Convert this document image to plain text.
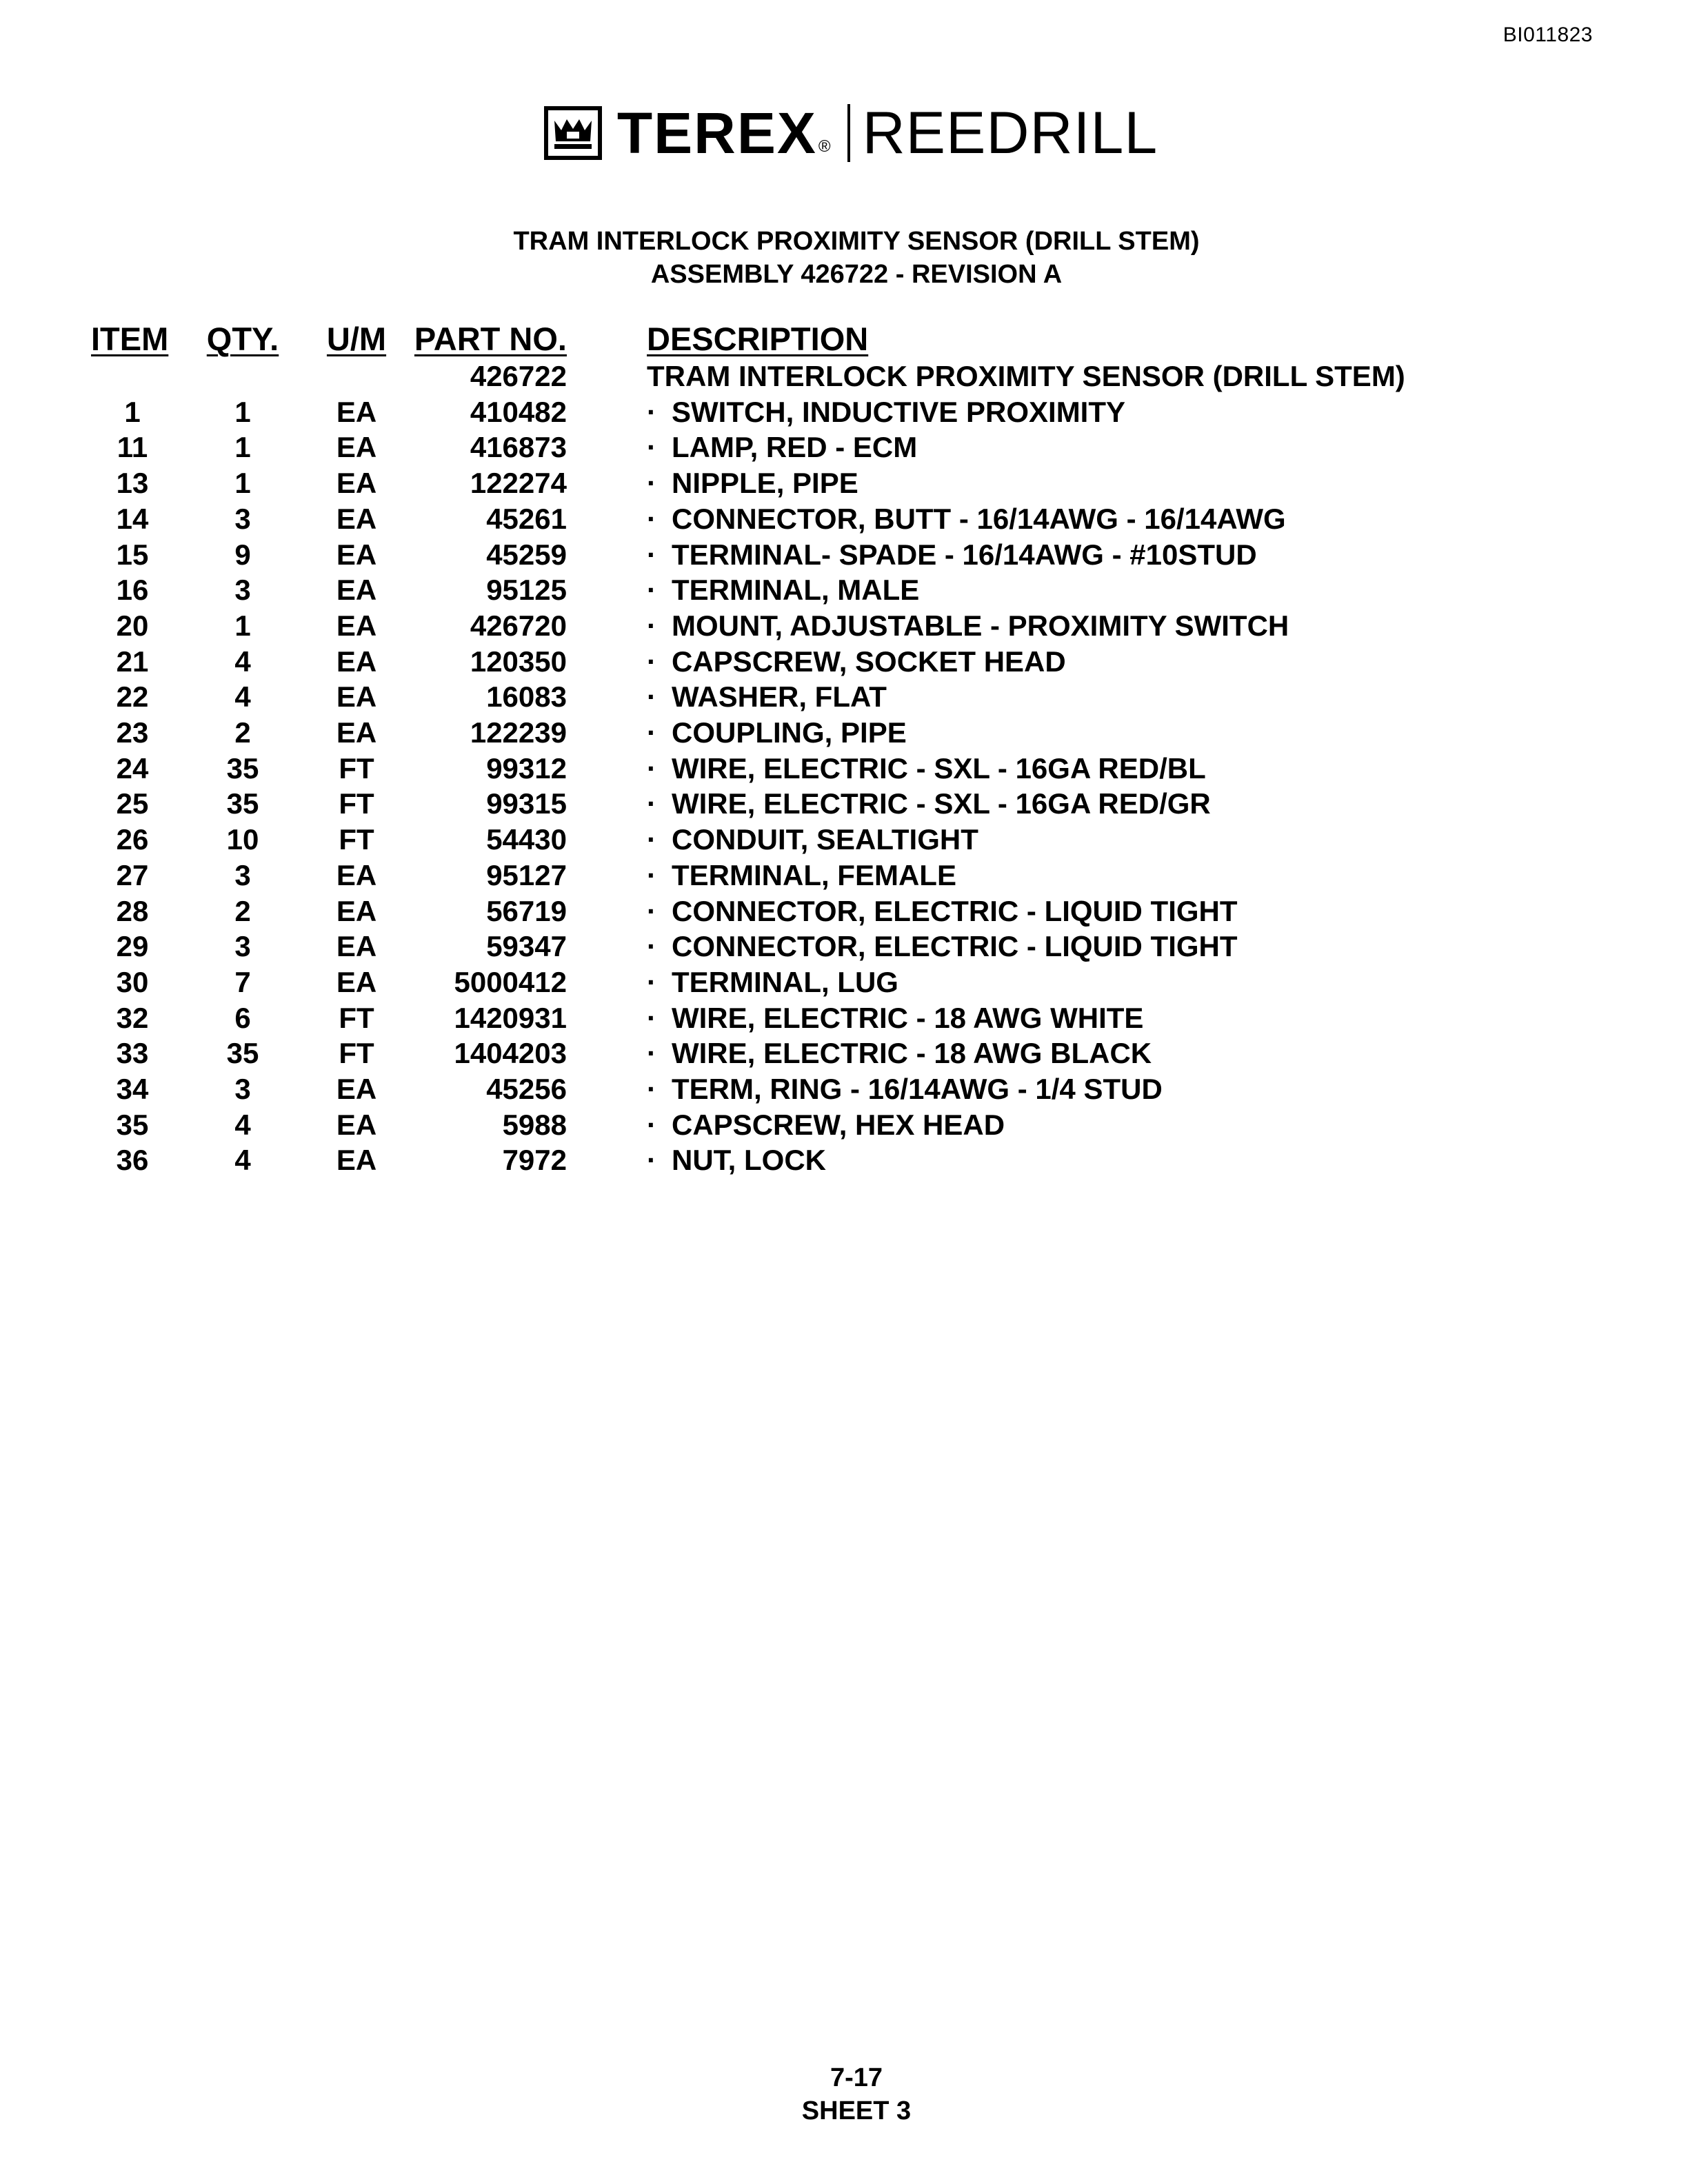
BI011823
TEREX ® REEDRILL
TRAM INTERLOCK PROXIMITY SENSOR (DRILL STEM)
ASSEMBLY 426722 - REVISION A
ITEM	QTY.	U/M	PART NO.	DESCRIPTION
			426722	TRAM INTERLOCK PROXIMITY SENSOR (DRILL STEM)
1	1	EA	410482	· SWITCH, INDUCTIVE PROXIMITY
11	1	EA	416873	· LAMP, RED - ECM
13	1	EA	122274	· NIPPLE, PIPE
14	3	EA	45261	· CONNECTOR, BUTT - 16/14AWG - 16/14AWG
15	9	EA	45259	· TERMINAL- SPADE - 16/14AWG - #10STUD
16	3	EA	95125	· TERMINAL, MALE
20	1	EA	426720	· MOUNT, ADJUSTABLE - PROXIMITY SWITCH
21	4	EA	120350	· CAPSCREW, SOCKET HEAD
22	4	EA	16083	· WASHER, FLAT
23	2	EA	122239	· COUPLING, PIPE
24	35	FT	99312	· WIRE, ELECTRIC - SXL - 16GA RED/BL
25	35	FT	99315	· WIRE, ELECTRIC - SXL - 16GA RED/GR
26	10	FT	54430	· CONDUIT, SEALTIGHT
27	3	EA	95127	· TERMINAL, FEMALE
28	2	EA	56719	· CONNECTOR, ELECTRIC - LIQUID TIGHT
29	3	EA	59347	· CONNECTOR, ELECTRIC - LIQUID TIGHT
30	7	EA	5000412	· TERMINAL, LUG
32	6	FT	1420931	· WIRE, ELECTRIC - 18 AWG WHITE
33	35	FT	1404203	· WIRE, ELECTRIC - 18 AWG BLACK
34	3	EA	45256	· TERM, RING - 16/14AWG - 1/4 STUD
35	4	EA	5988	· CAPSCREW, HEX HEAD
36	4	EA	7972	· NUT, LOCK
7-17
SHEET 3
